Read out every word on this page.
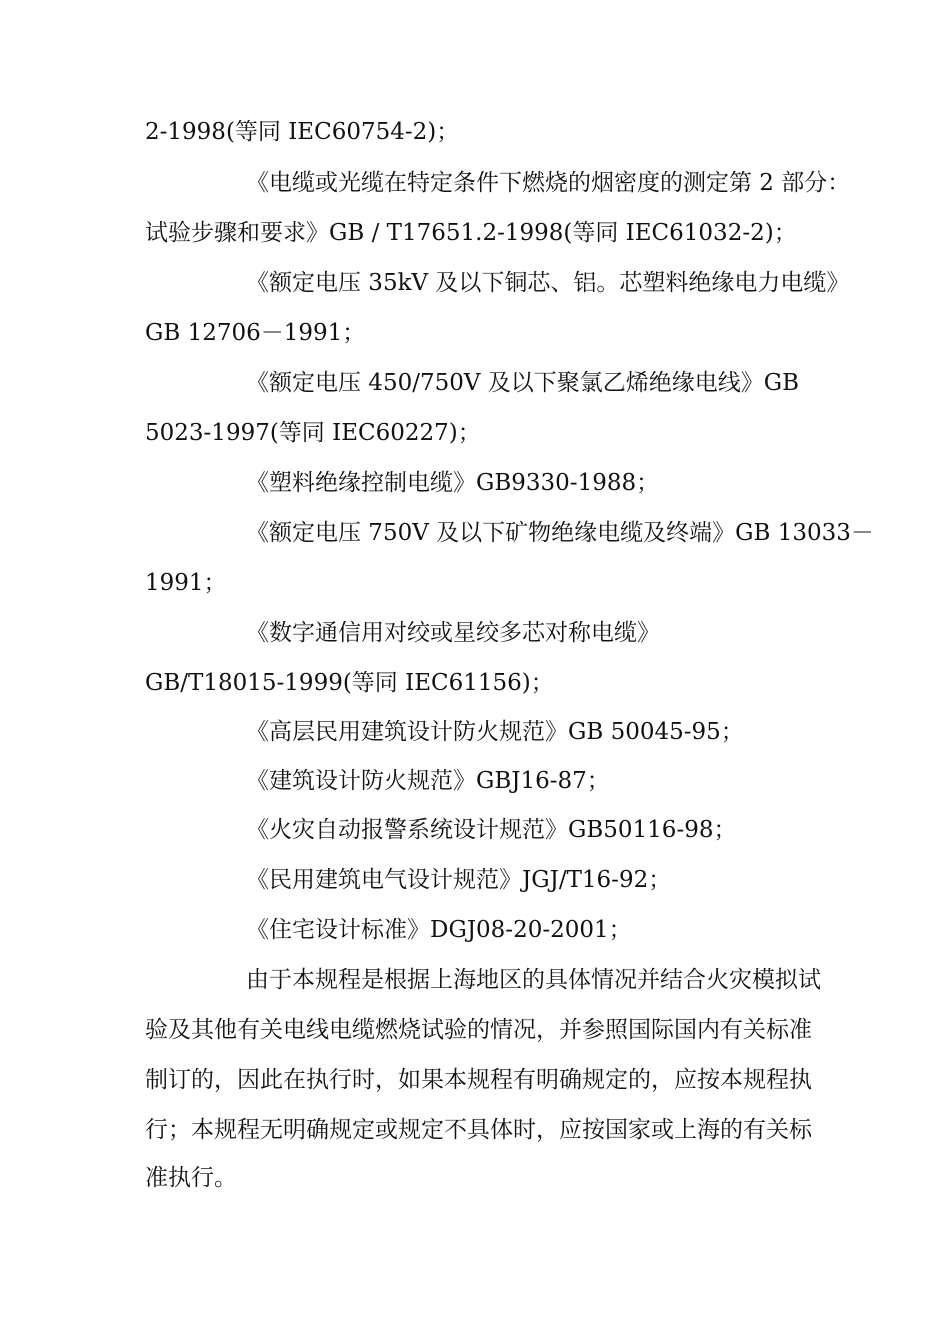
2-1998(等同 IEC60754-2)；
《电缆或光缆在特定条件下燃烧的烟密度的测定第 2 部分：
试验步骤和要求》GB / T17651.2-1998(等同 IEC61032-2)；
《额定电压 35kV 及以下铜芯、铝。芯塑料绝缘电力电缆》
GB 12706－1991；
《额定电压 450/750V 及以下聚氯乙烯绝缘电线》GB
5023-1997(等同 IEC60227)；
《塑料绝缘控制电缆》GB9330-1988；
《额定电压 750V 及以下矿物绝缘电缆及终端》GB 13033－
1991；
《数字通信用对绞或星绞多芯对称电缆》
GB/T18015-1999(等同 IEC61156)；
《高层民用建筑设计防火规范》GB 50045-95；
《建筑设计防火规范》GBJ16-87；
《火灾自动报警系统设计规范》GB50116-98；
《民用建筑电气设计规范》JGJ/T16-92；
《住宅设计标准》DGJ08-20-2001；
由于本规程是根据上海地区的具体情况并结合火灾模拟试
验及其他有关电线电缆燃烧试验的情况，并参照国际国内有关标准
制订的，因此在执行时，如果本规程有明确规定的，应按本规程执
行；本规程无明确规定或规定不具体时，应按国家或上海的有关标
准执行。
